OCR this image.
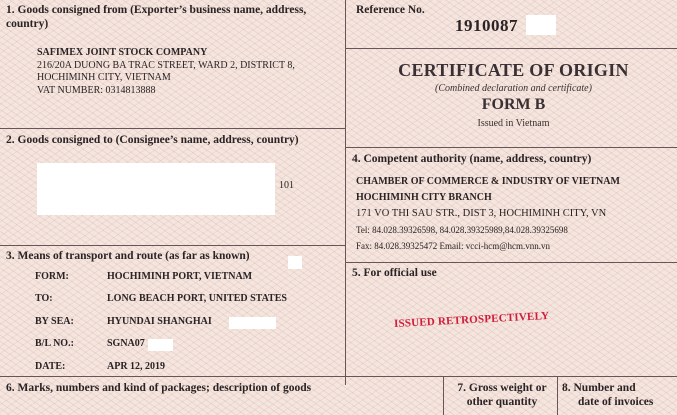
1. Goods consigned from (Exporter’s business name, address,
country)
SAFIMEX JOINT STOCK COMPANY
216/20A DUONG BA TRAC STREET, WARD 2, DISTRICT 8,
HOCHIMINH CITY, VIETNAM
VAT NUMBER: 0314813888
Reference No.
1910087
CERTIFICATE OF ORIGIN
(Combined declaration and certificate)
FORM B
Issued in Vietnam
2. Goods consigned to (Consignee’s name, address, country)
101
3. Means of transport and route (as far as known)
FORM:	HOCHIMINH PORT, VIETNAM
TO:	LONG BEACH PORT, UNITED STATES
BY SEA:	HYUNDAI SHANGHAI
B/L NO.:	SGNA07
DATE:	APR 12, 2019
4. Competent authority (name, address, country)
CHAMBER OF COMMERCE & INDUSTRY OF VIETNAM
HOCHIMINH CITY BRANCH
171 VO THI SAU STR., DIST 3, HOCHIMINH CITY, VN
Tel: 84.028.39326598, 84.028.39325989,84.028.39325698
Fax: 84.028.39325472 Email: vcci-hcm@hcm.vnn.vn
5. For official use
ISSUED RETROSPECTIVELY
6. Marks, numbers and kind of packages; description of goods	7. Gross weight or
other quantity
8. Number and
date of invoices
